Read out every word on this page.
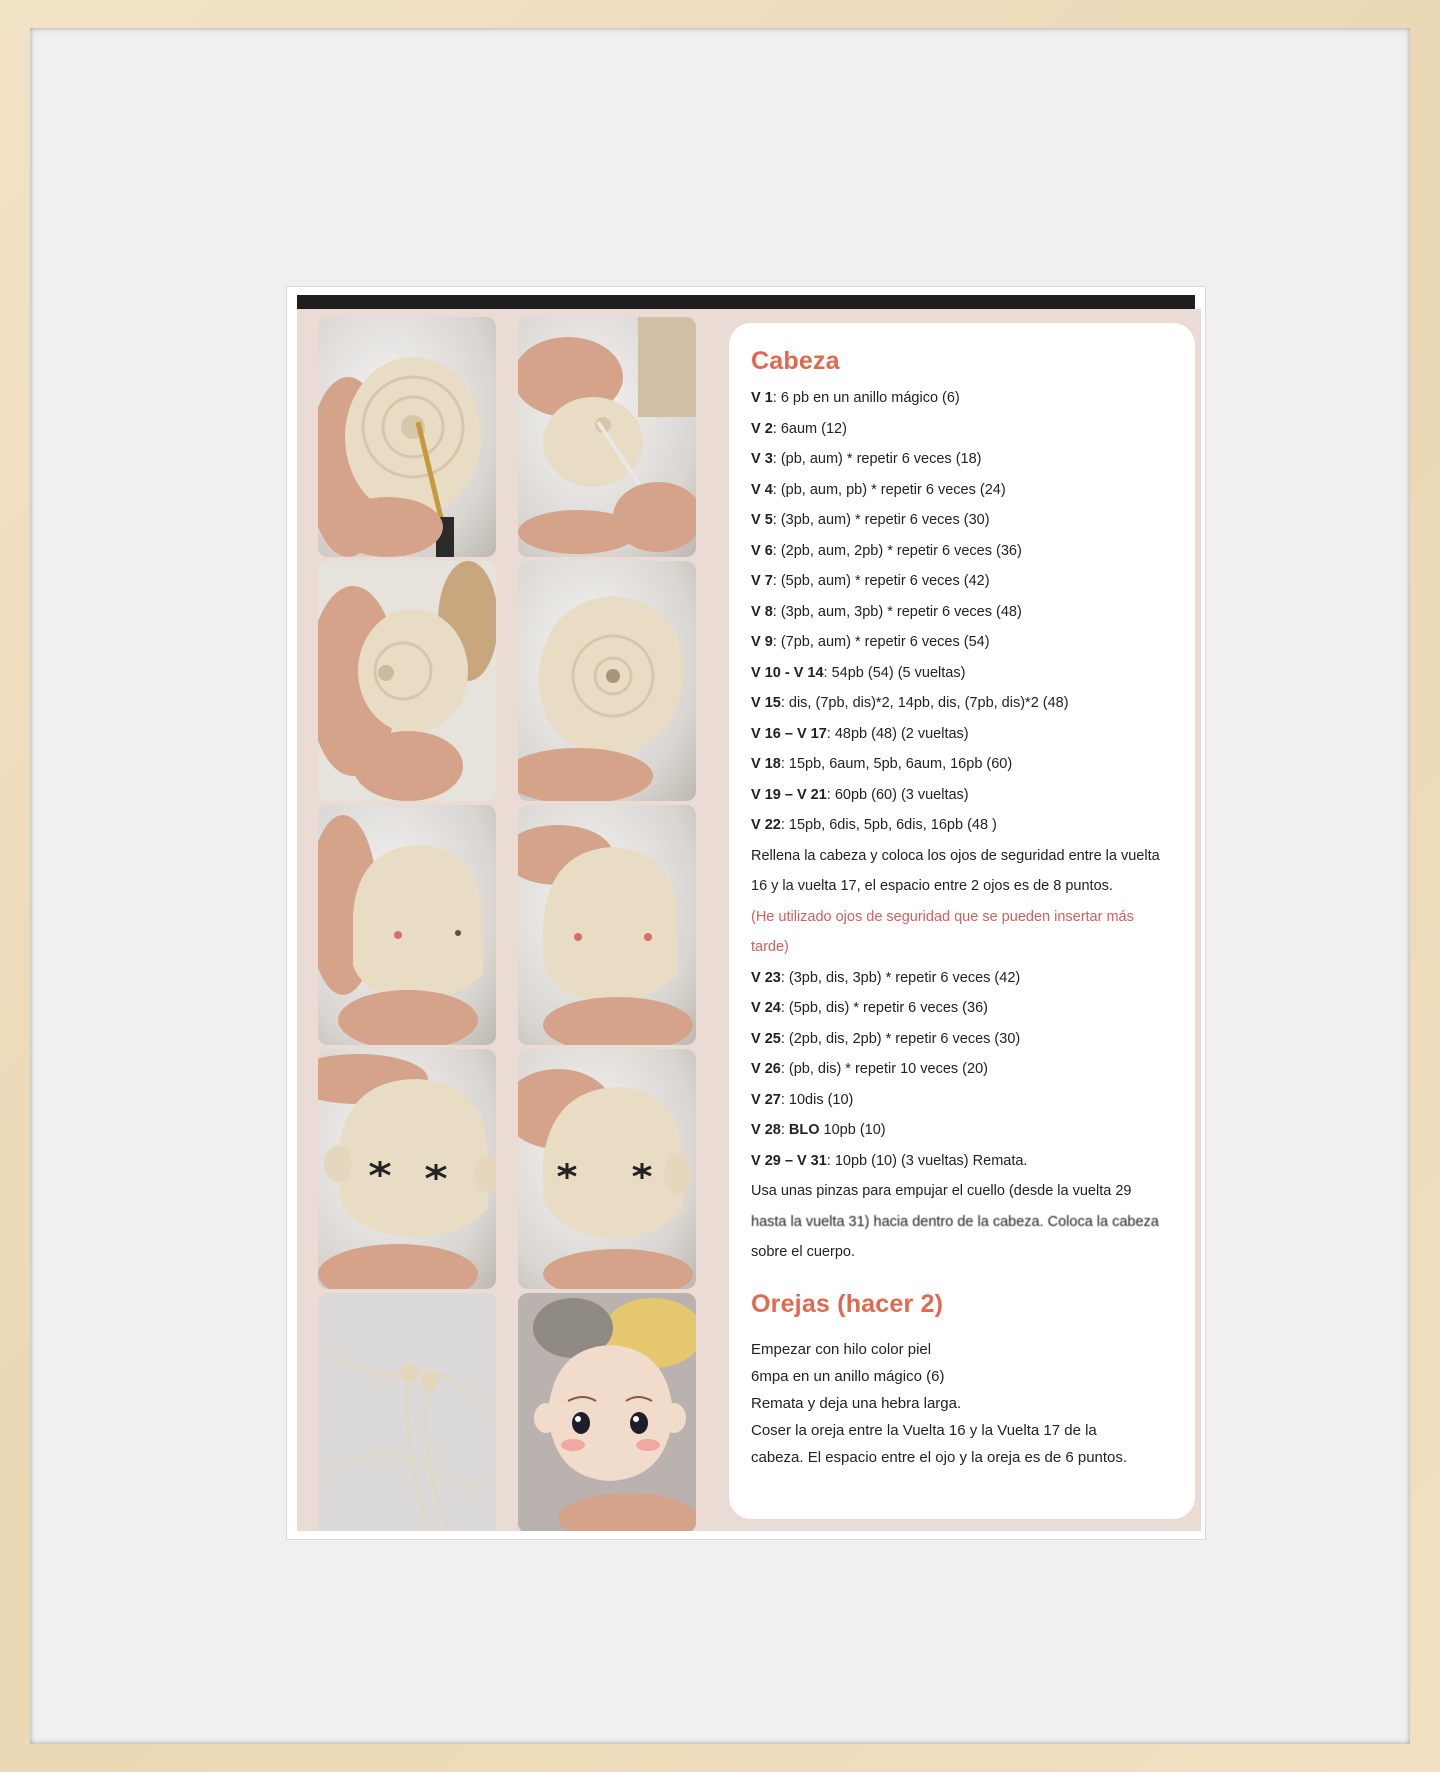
Cabeza
V 1: 6 pb en un anillo mágico (6)
V 2: 6aum (12)
V 3: (pb, aum) * repetir 6 veces (18)
V 4: (pb, aum, pb) * repetir 6 veces (24)
V 5: (3pb, aum) * repetir 6 veces (30)
V 6: (2pb, aum, 2pb) * repetir 6 veces (36)
V 7: (5pb, aum) * repetir 6 veces (42)
V 8: (3pb, aum, 3pb) * repetir 6 veces (48)
V 9: (7pb, aum) * repetir 6 veces (54)
V 10 - V 14: 54pb (54) (5 vueltas)
V 15: dis, (7pb, dis)*2, 14pb, dis, (7pb, dis)*2 (48)
V 16 – V 17: 48pb (48) (2 vueltas)
V 18: 15pb, 6aum, 5pb, 6aum, 16pb (60)
V 19 – V 21: 60pb (60) (3 vueltas)
V 22: 15pb, 6dis, 5pb, 6dis, 16pb (48 )
Rellena la cabeza y coloca los ojos de seguridad entre la vuelta
16 y la vuelta 17, el espacio entre 2 ojos es de 8 puntos.
(He utilizado ojos de seguridad que se pueden insertar más
tarde)
V 23: (3pb, dis, 3pb) * repetir 6 veces (42)
V 24: (5pb, dis) * repetir 6 veces (36)
V 25: (2pb, dis, 2pb) * repetir 6 veces (30)
V 26: (pb, dis) * repetir 10 veces (20)
V 27: 10dis (10)
V 28: BLO 10pb (10)
V 29 – V 31: 10pb (10) (3 vueltas) Remata.
Usa unas pinzas para empujar el cuello (desde la vuelta 29
hasta la vuelta 31) hacia dentro de la cabeza. Coloca la cabeza
sobre el cuerpo.
Orejas (hacer 2)
Empezar con hilo color piel
6mpa en un anillo mágico (6)
Remata y deja una hebra larga.
Coser la oreja entre la Vuelta 16 y la Vuelta 17 de la
cabeza. El espacio entre el ojo y la oreja es de 6 puntos.
